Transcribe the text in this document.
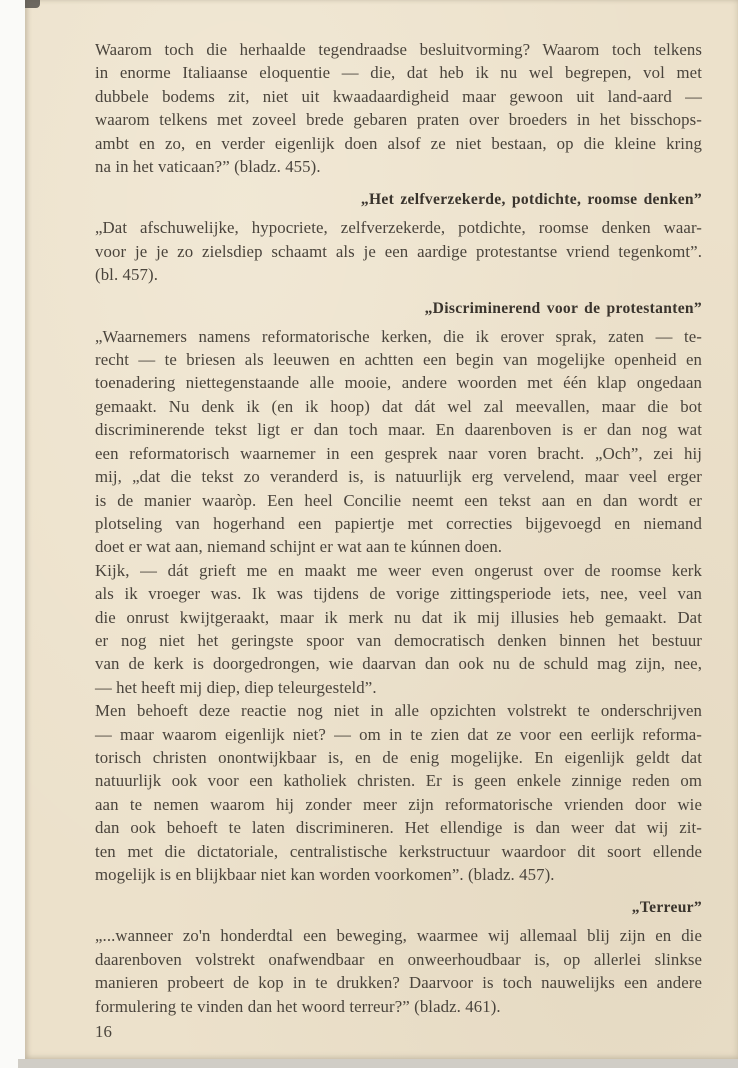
Waarom toch die herhaalde tegendraadse besluitvorming? Waarom toch telkens
in enorme Italiaanse eloquentie — die, dat heb ik nu wel begrepen, vol met
dubbele bodems zit, niet uit kwaadaardigheid maar gewoon uit land-aard —
waarom telkens met zoveel brede gebaren praten over broeders in het bisschops-
ambt en zo, en verder eigenlijk doen alsof ze niet bestaan, op die kleine kring
na in het vaticaan?” (bladz. 455).
„Het zelfverzekerde, potdichte, roomse denken”
„Dat afschuwelijke, hypocriete, zelfverzekerde, potdichte, roomse denken waar-
voor je je zo zielsdiep schaamt als je een aardige protestantse vriend tegenkomt”.
(bl. 457).
„Discriminerend voor de protestanten”
„Waarnemers namens reformatorische kerken, die ik erover sprak, zaten — te-
recht — te briesen als leeuwen en achtten een begin van mogelijke openheid en
toenadering niettegenstaande alle mooie, andere woorden met één klap ongedaan
gemaakt. Nu denk ik (en ik hoop) dat dát wel zal meevallen, maar die bot
discriminerende tekst ligt er dan toch maar. En daarenboven is er dan nog wat
een reformatorisch waarnemer in een gesprek naar voren bracht. „Och”, zei hij
mij, „dat die tekst zo veranderd is, is natuurlijk erg vervelend, maar veel erger
is de manier waaròp. Een heel Concilie neemt een tekst aan en dan wordt er
plotseling van hogerhand een papiertje met correcties bijgevoegd en niemand
doet er wat aan, niemand schijnt er wat aan te kúnnen doen.
Kijk, — dát grieft me en maakt me weer even ongerust over de roomse kerk
als ik vroeger was. Ik was tijdens de vorige zittingsperiode iets, nee, veel van
die onrust kwijtgeraakt, maar ik merk nu dat ik mij illusies heb gemaakt. Dat
er nog niet het geringste spoor van democratisch denken binnen het bestuur
van de kerk is doorgedrongen, wie daarvan dan ook nu de schuld mag zijn, nee,
— het heeft mij diep, diep teleurgesteld”.
Men behoeft deze reactie nog niet in alle opzichten volstrekt te onderschrijven
— maar waarom eigenlijk niet? — om in te zien dat ze voor een eerlijk reforma-
torisch christen onontwijkbaar is, en de enig mogelijke. En eigenlijk geldt dat
natuurlijk ook voor een katholiek christen. Er is geen enkele zinnige reden om
aan te nemen waarom hij zonder meer zijn reformatorische vrienden door wie
dan ook behoeft te laten discrimineren. Het ellendige is dan weer dat wij zit-
ten met die dictatoriale, centralistische kerkstructuur waardoor dit soort ellende
mogelijk is en blijkbaar niet kan worden voorkomen”. (bladz. 457).
„Terreur”
„...wanneer zo'n honderdtal een beweging, waarmee wij allemaal blij zijn en die
daarenboven volstrekt onafwendbaar en onweerhoudbaar is, op allerlei slinkse
manieren probeert de kop in te drukken? Daarvoor is toch nauwelijks een andere
formulering te vinden dan het woord terreur?” (bladz. 461).
16
